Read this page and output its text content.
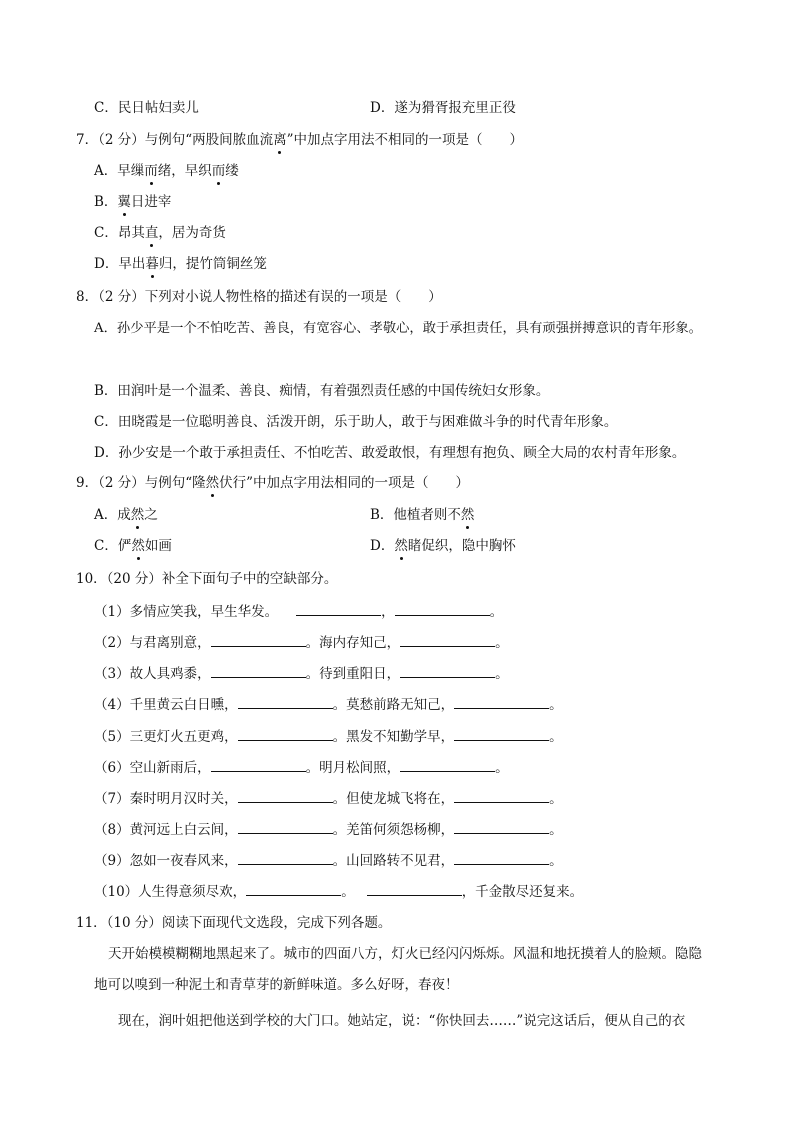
C．民日帖妇卖儿	D．遂为猾胥报充里正役
7．（2 分）与例句“两股间脓血流离”中加点字用法不相同的一项是（　　）
A．早缫而绪，早织而缕
B．翼日进宰
C．昂其直，居为奇货
D．早出暮归，提竹筒铜丝笼
8．（2 分）下列对小说人物性格的描述有误的一项是（　　）
A．孙少平是一个不怕吃苦、善良，有宽容心、孝敬心，敢于承担责任，具有顽强拼搏意识的青年形象。
B．田润叶是一个温柔、善良、痴情，有着强烈责任感的中国传统妇女形象。
C．田晓霞是一位聪明善良、活泼开朗，乐于助人，敢于与困难做斗争的时代青年形象。
D．孙少安是一个敢于承担责任、不怕吃苦、敢爱敢恨，有理想有抱负、顾全大局的农村青年形象。
9．（2 分）与例句“隆然伏行”中加点字用法相同的一项是（　　）
A．成然之	B．他植者则不然
C．俨然如画	D．然睹促织，隐中胸怀
10．（20 分）补全下面句子中的空缺部分。
（1）多情应笑我，早生华发。	，	。
（2）与君离别意，	。海内存知己，	。
（3）故人具鸡黍，	。待到重阳日，	。
（4）千里黄云白日曛，	。莫愁前路无知己，	。
（5）三更灯火五更鸡，	。黑发不知勤学早，	。
（6）空山新雨后，	。明月松间照，	。
（7）秦时明月汉时关，	。但使龙城飞将在，	。
（8）黄河远上白云间，	。羌笛何须怨杨柳，	。
（9）忽如一夜春风来，	。山回路转不见君，	。
（10）人生得意须尽欢，	。	，千金散尽还复来。
11．（10 分）阅读下面现代文选段，完成下列各题。
天开始模模糊糊地黑起来了。城市的四面八方，灯火已经闪闪烁烁。风温和地抚摸着人的脸颊。隐隐
地可以嗅到一种泥土和青草芽的新鲜味道。多么好呀，春夜！
现在，润叶姐把他送到学校的大门口。她站定，说：“你快回去……”说完这话后，便从自己的衣
